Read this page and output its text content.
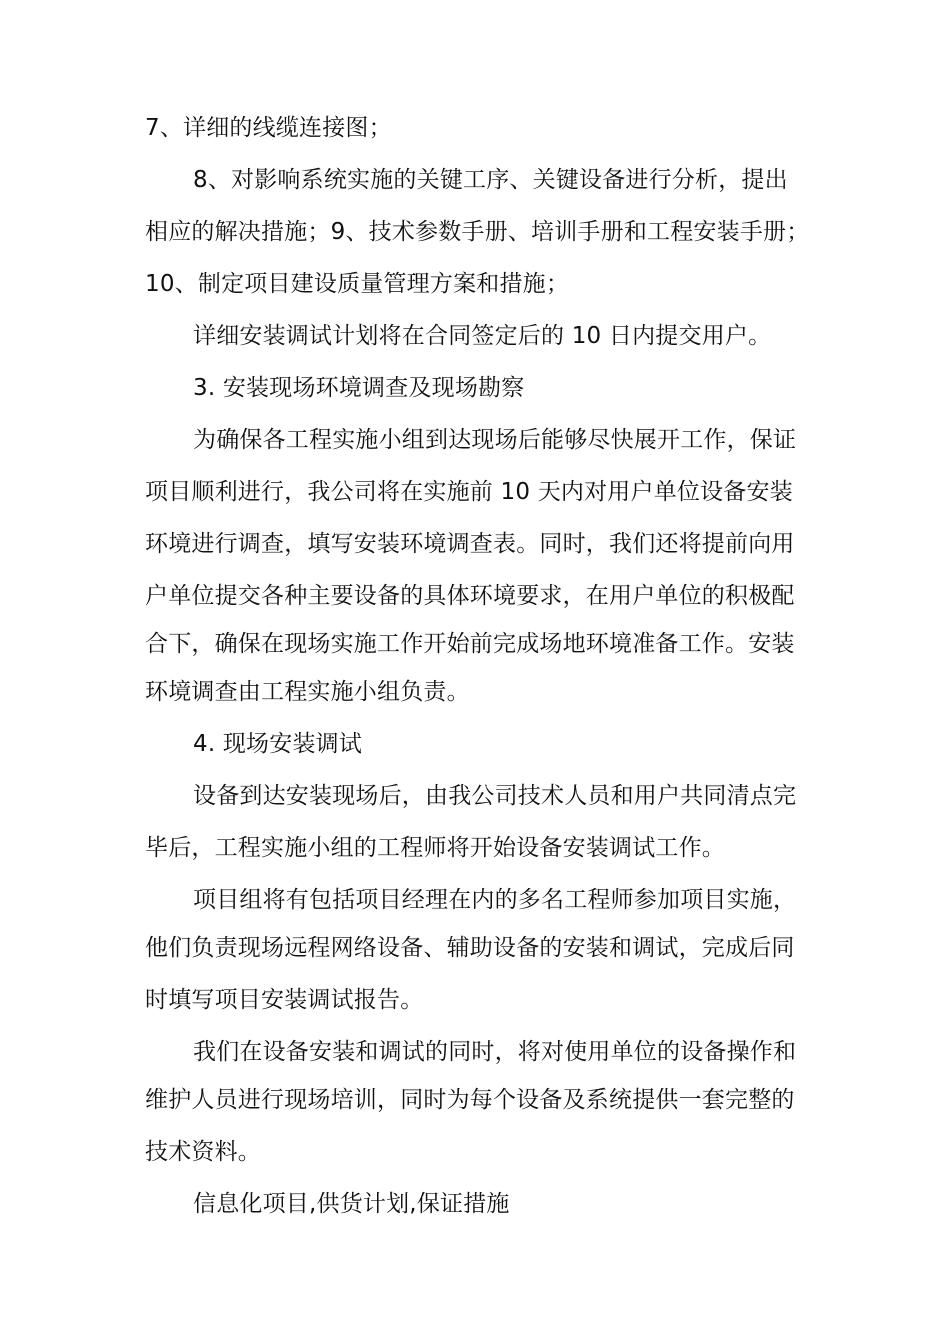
7、详细的线缆连接图；
8、对影响系统实施的关键工序、关键设备进行分析，提出
相应的解决措施；9、技术参数手册、培训手册和工程安装手册；
10、制定项目建设质量管理方案和措施；
详细安装调试计划将在合同签定后的 10 日内提交用户。
3. 安装现场环境调查及现场勘察
为确保各工程实施小组到达现场后能够尽快展开工作，保证
项目顺利进行，我公司将在实施前 10 天内对用户单位设备安装
环境进行调查，填写安装环境调查表。同时，我们还将提前向用
户单位提交各种主要设备的具体环境要求，在用户单位的积极配
合下，确保在现场实施工作开始前完成场地环境准备工作。安装
环境调查由工程实施小组负责。
4. 现场安装调试
设备到达安装现场后，由我公司技术人员和用户共同清点完
毕后，工程实施小组的工程师将开始设备安装调试工作。
项目组将有包括项目经理在内的多名工程师参加项目实施，
他们负责现场远程网络设备、辅助设备的安装和调试，完成后同
时填写项目安装调试报告。
我们在设备安装和调试的同时，将对使用单位的设备操作和
维护人员进行现场培训，同时为每个设备及系统提供一套完整的
技术资料。
信息化项目,供货计划,保证措施
